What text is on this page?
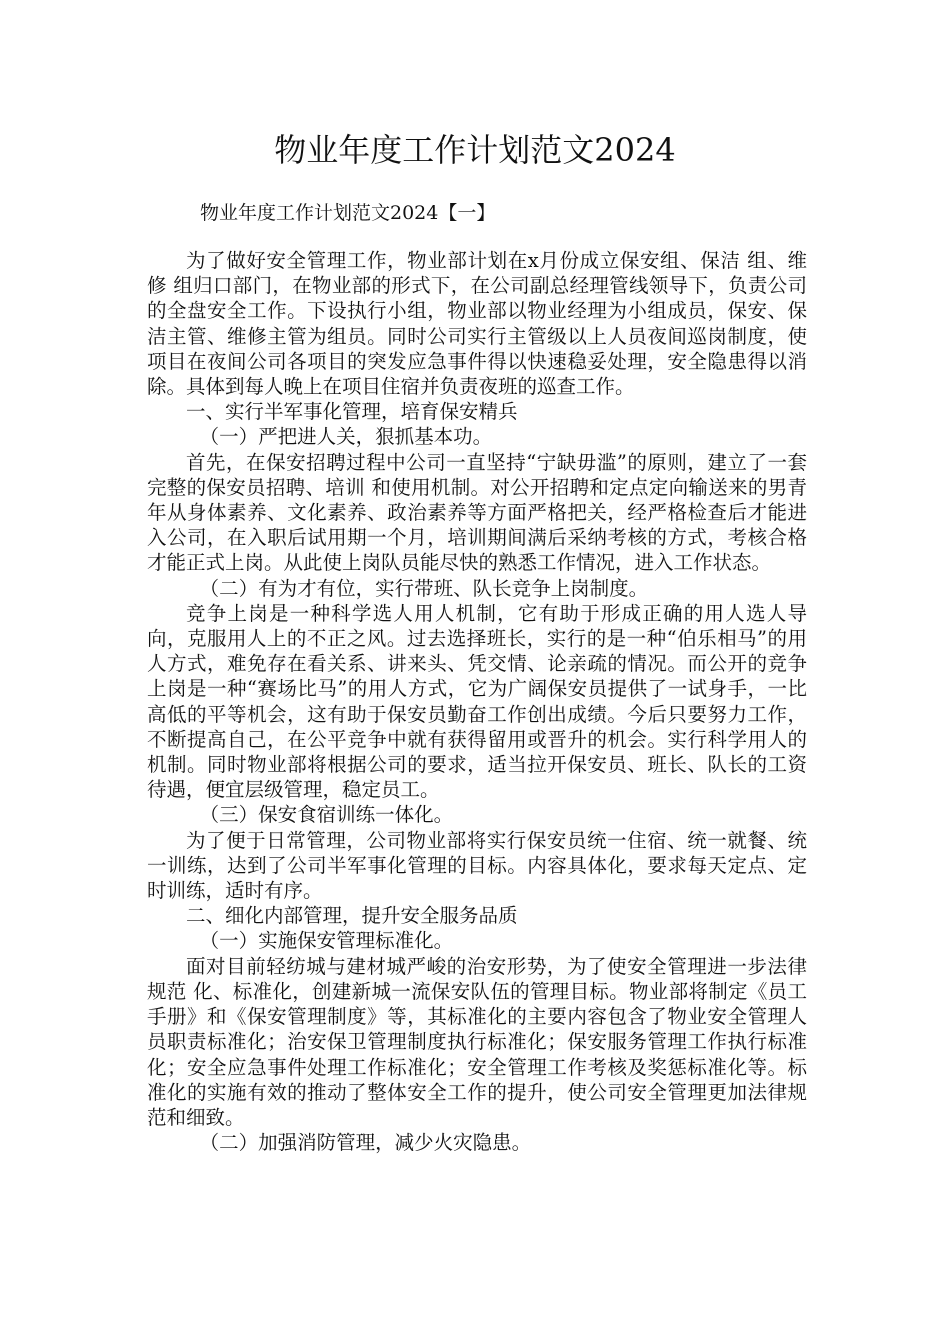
物业年度工作计划范文2024

物业年度工作计划范文2024【一】

为了做好安全管理工作，物业部计划在x月份成立保安组、保洁 组、维修 组归口部门，在物业部的形式下，在公司副总经理管线领导下，负责公司的全盘安全工作。下设执行小组，物业部以物业经理为小组成员，保安、保洁主管、维修主管为组员。同时公司实行主管级以上人员夜间巡岗制度，使项目在夜间公司各项目的突发应急事件得以快速稳妥处理，安全隐患得以消除。具体到每人晚上在项目住宿并负责夜班的巡查工作。

一、实行半军事化管理，培育保安精兵

（一）严把进人关，狠抓基本功。

首先，在保安招聘过程中公司一直坚持“宁缺毋滥”的原则，建立了一套完整的保安员招聘、培训 和使用机制。对公开招聘和定点定向输送来的男青年从身体素养、文化素养、政治素养等方面严格把关，经严格检查后才能进入公司，在入职后试用期一个月，培训期间满后采纳考核的方式，考核合格才能正式上岗。从此使上岗队员能尽快的熟悉工作情况，进入工作状态。

（二）有为才有位，实行带班、队长竞争上岗制度。

竞争上岗是一种科学选人用人机制，它有助于形成正确的用人选人导向，克服用人上的不正之风。过去选择班长，实行的是一种“伯乐相马”的用人方式，难免存在看关系、讲来头、凭交情、论亲疏的情况。而公开的竞争上岗是一种“赛场比马”的用人方式，它为广阔保安员提供了一试身手，一比高低的平等机会，这有助于保安员勤奋工作创出成绩。今后只要努力工作，不断提高自己，在公平竞争中就有获得留用或晋升的机会。实行科学用人的机制。同时物业部将根据公司的要求，适当拉开保安员、班长、队长的工资待遇，便宜层级管理，稳定员工。

（三）保安食宿训练一体化。

为了便于日常管理，公司物业部将实行保安员统一住宿、统一就餐、统一训练，达到了公司半军事化管理的目标。内容具体化，要求每天定点、定时训练，适时有序。

二、细化内部管理，提升安全服务品质

（一）实施保安管理标准化。

面对目前轻纺城与建材城严峻的治安形势，为了使安全管理进一步法律规范 化、标准化，创建新城一流保安队伍的管理目标。物业部将制定《员工手册》和《保安管理制度》等，其标准化的主要内容包含了物业安全管理人员职责标准化；治安保卫管理制度执行标准化；保安服务管理工作执行标准化；安全应急事件处理工作标准化；安全管理工作考核及奖惩标准化等。标准化的实施有效的推动了整体安全工作的提升，使公司安全管理更加法律规范和细致。

（二）加强消防管理，减少火灾隐患。
